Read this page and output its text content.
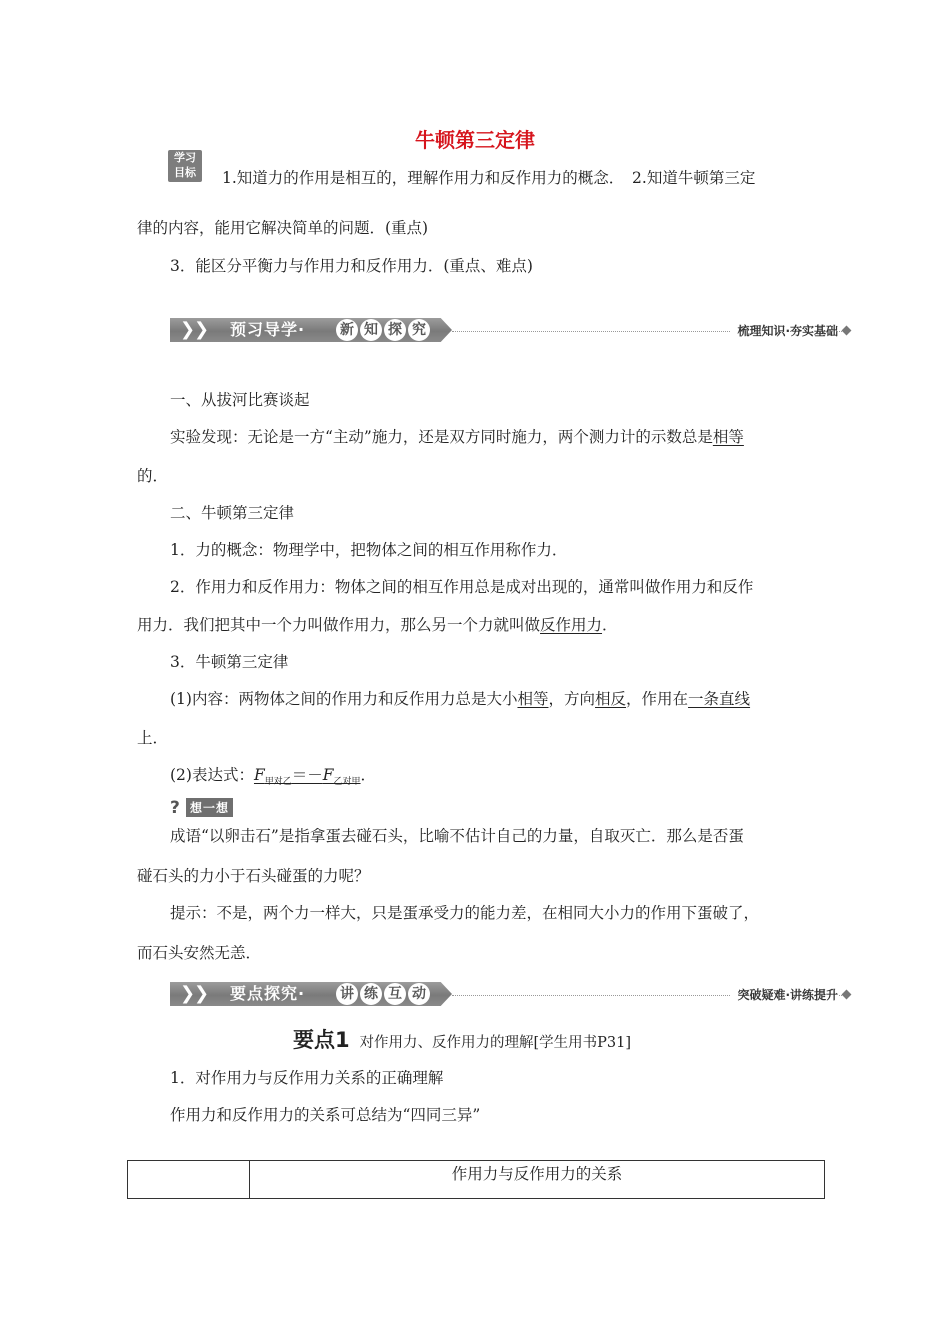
牛顿第三定律
学习
目标	1.知道力的作用是相互的，理解作用力和反作用力的概念．　2.知道牛顿第三定
律的内容，能用它解决简单的问题．(重点)
3．能区分平衡力与作用力和反作用力．(重点、难点)
❯
❯ 预习导学· 新 知 探 究	梳理知识·夯实基础
一、从拔河比赛谈起
实验发现：无论是一方“主动”施力，还是双方同时施力，两个测力计的示数总是相等
的．
二、牛顿第三定律
1．力的概念：物理学中，把物体之间的相互作用称作力．
2．作用力和反作用力：物体之间的相互作用总是成对出现的，通常叫做作用力和反作
用力．我们把其中一个力叫做作用力，那么另一个力就叫做反作用力．
3．牛顿第三定律
(1)内容：两物体之间的作用力和反作用力总是大小相等，方向相反，作用在一条直线
上．
(2)表达式：$F_{甲对乙}=-F_{乙对甲}$．
? 想一想
成语“以卵击石”是指拿蛋去碰石头，比喻不估计自己的力量，自取灭亡．那么是否蛋
碰石头的力小于石头碰蛋的力呢？
提示：不是，两个力一样大，只是蛋承受力的能力差，在相同大小力的作用下蛋破了，
而石头安然无恙．
❯
❯ 要点探究· 讲 练 互 动	突破疑难·讲练提升
要点1 对作用力、反作用力的理解[学生用书P31]
1．对作用力与反作用力关系的正确理解
作用力和反作用力的关系可总结为“四同三异”
作用力与反作用力的关系
